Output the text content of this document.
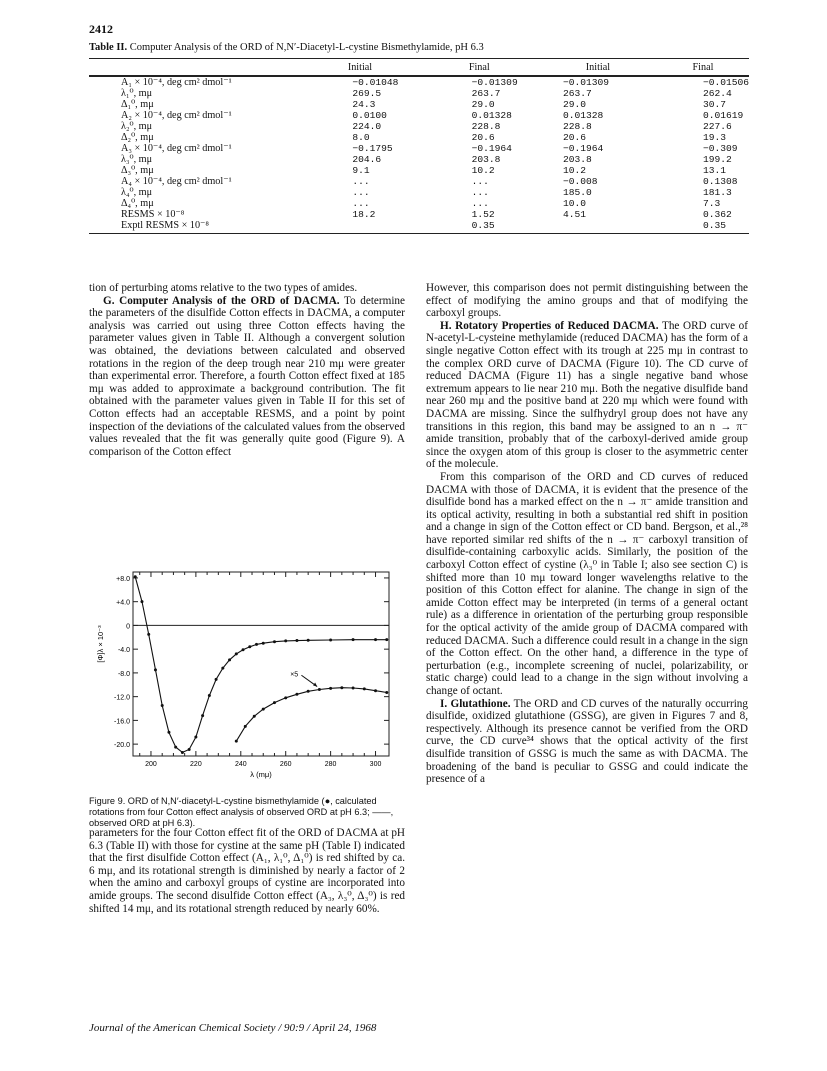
2412
Table II. Computer Analysis of the ORD of N,N′-Diacetyl-L-cystine Bismethylamide, pH 6.3
	Initial	Final	Initial	Final

A₁ × 10⁻⁴, deg cm² dmol⁻¹	−0.01048	−0.01309	−0.01309	−0.01506
λ₁⁰, mμ	269.5	263.7	263.7	262.4
Δ₁⁰, mμ	24.3	29.0	29.0	30.7
A₂ × 10⁻⁴, deg cm² dmol⁻¹	0.0100	0.01328	0.01328	0.01619
λ₂⁰, mμ	224.0	228.8	228.8	227.6
Δ₂⁰, mμ	8.0	20.6	20.6	19.3
A₃ × 10⁻⁴, deg cm² dmol⁻¹	−0.1795	−0.1964	−0.1964	−0.309
λ₃⁰, mμ	204.6	203.8	203.8	199.2
Δ₃⁰, mμ	9.1	10.2	10.2	13.1
A₄ × 10⁻⁴, deg cm² dmol⁻¹	...	...	−0.008	0.1308
λ₄⁰, mμ	...	...	185.0	181.3
Δ₄⁰, mμ	...	...	10.0	7.3
RESMS × 10⁻⁸	18.2	1.52	4.51	0.362
Exptl RESMS × 10⁻⁸		0.35		0.35

tion of perturbing atoms relative to the two types of amides.

G. Computer Analysis of the ORD of DACMA. To determine the parameters of the disulfide Cotton effects in DACMA, a computer analysis was carried out using three Cotton effects having the parameter values given in Table II. Although a convergent solution was obtained, the deviations between calculated and observed rotations in the region of the deep trough near 210 mμ were greater than experimental error. Therefore, a fourth Cotton effect fixed at 185 mμ was added to approximate a background contribution. The fit obtained with the parameter values given in Table II for this set of Cotton effects had an acceptable RESMS, and a point by point inspection of the deviations of the calculated values from the observed values revealed that the fit was generally quite good (Figure 9). A comparison of the Cotton effect

+8.0
+4.0
0
-4.0
-8.0
-12.0
-16.0
-20.0
200	220	240	260	280	300
λ (mμ)
[Φ]λ × 10⁻³
×5
Figure 9. ORD of N,N′-diacetyl-L-cystine bismethylamide (●, calculated rotations from four Cotton effect analysis of observed ORD at pH 6.3; ——, observed ORD at pH 6.3).

parameters for the four Cotton effect fit of the ORD of DACMA at pH 6.3 (Table II) with those for cystine at the same pH (Table I) indicated that the first disulfide Cotton effect (A₁, λ₁⁰, Δ₁⁰) is red shifted by ca. 6 mμ, and its rotational strength is diminished by nearly a factor of 2 when the amino and carboxyl groups of cystine are incorporated into amide groups. The second disulfide Cotton effect (A₃, λ₃⁰, Δ₃⁰) is red shifted 14 mμ, and its rotational strength reduced by nearly 60%.

However, this comparison does not permit distinguishing between the effect of modifying the amino groups and that of modifying the carboxyl groups.

H. Rotatory Properties of Reduced DACMA. The ORD curve of N-acetyl-L-cysteine methylamide (reduced DACMA) has the form of a single negative Cotton effect with its trough at 225 mμ in contrast to the complex ORD curve of DACMA (Figure 10). The CD curve of reduced DACMA (Figure 11) has a single negative band whose extremum appears to lie near 210 mμ. Both the negative disulfide band near 260 mμ and the positive band at 220 mμ which were found with DACMA are missing. Since the sulfhydryl group does not have any transitions in this region, this band may be assigned to an n → π⁻ amide transition, probably that of the carboxyl-derived amide group since the oxygen atom of this group is closer to the asymmetric center of the molecule.

From this comparison of the ORD and CD curves of reduced DACMA with those of DACMA, it is evident that the presence of the disulfide bond has a marked effect on the n → π⁻ amide transition and its optical activity, resulting in both a substantial red shift in position and a change in sign of the Cotton effect or CD band. Bergson, et al.,²⁸ have reported similar red shifts of the n → π⁻ carboxyl transition of disulfide-containing carboxylic acids. Similarly, the position of the carboxyl Cotton effect of cystine (λ₃⁰ in Table I; also see section C) is shifted more than 10 mμ toward longer wavelengths relative to the position of this Cotton effect for alanine. The change in sign of the amide Cotton effect may be interpreted (in terms of a general octant rule) as a difference in orientation of the perturbing group responsible for the optical activity of the amide group of DACMA compared with reduced DACMA. Such a difference could result in a change in the sign of the Cotton effect. On the other hand, a difference in the type of perturbation (e.g., incomplete screening of nuclei, polarizability, or static charge) could lead to a change in the sign without involving a change of octant.

I. Glutathione. The ORD and CD curves of the naturally occurring disulfide, oxidized glutathione (GSSG), are given in Figures 7 and 8, respectively. Although its presence cannot be verified from the ORD curve, the CD curve³⁴ shows that the optical activity of the first disulfide transition of GSSG is much the same as with DACMA. The broadening of the band is peculiar to GSSG and could indicate the presence of a

Journal of the American Chemical Society / 90:9 / April 24, 1968
